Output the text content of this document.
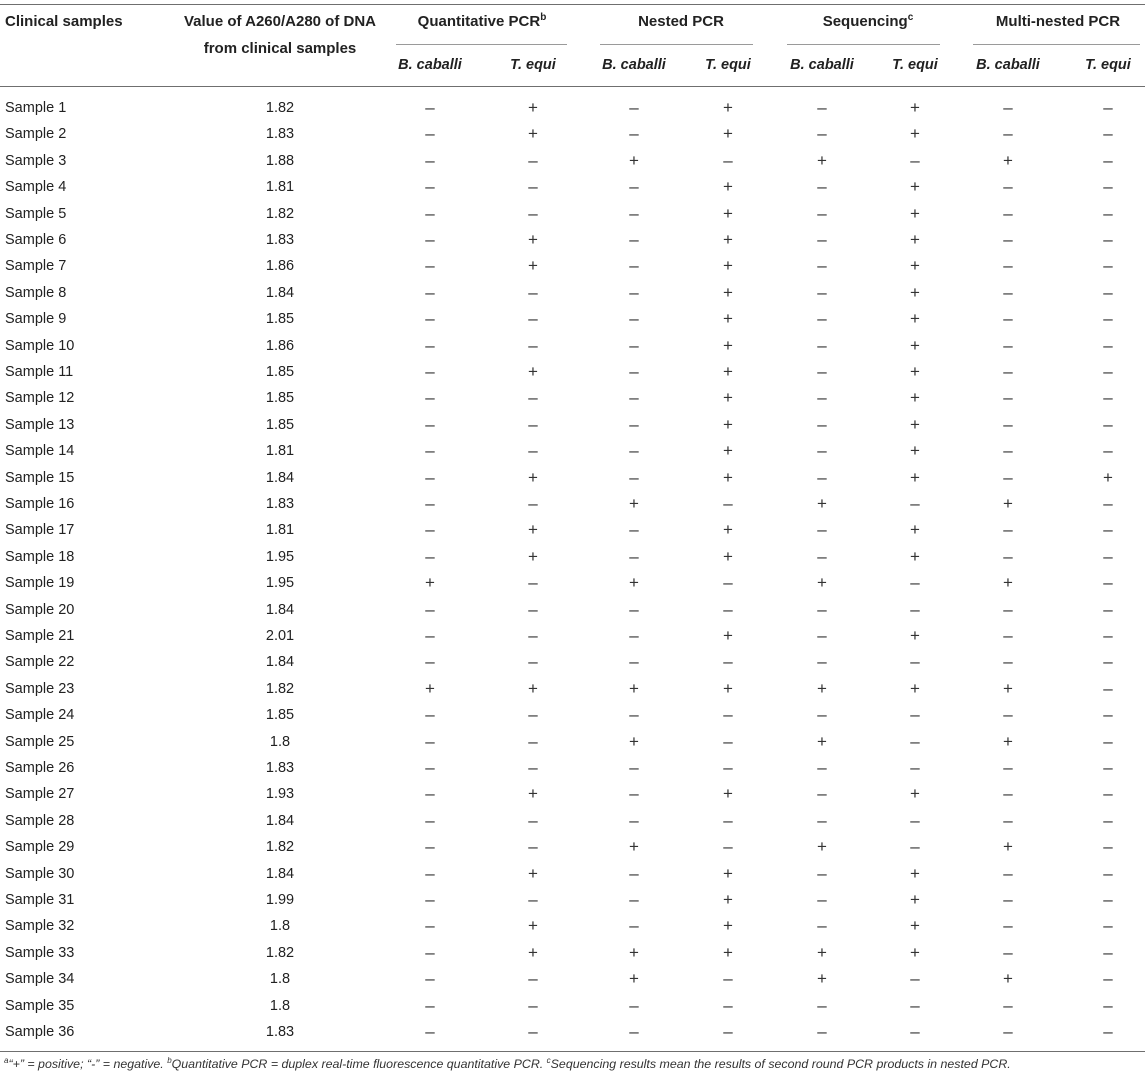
Clinical samples	Value of A260/A280 of DNA
from clinical samples
Quantitative PCR$^b$	Nested PCR	Sequencing$^c$	Multi-nested PCR
B. caballi	T. equi	B. caballi	T. equi	B. caballi	T. equi	B. caballi	T. equi
Sample 1	1.82	–	+	–	+	–	+	–	–
Sample 2	1.83	–	+	–	+	–	+	–	–
Sample 3	1.88	–	–	+	–	+	–	+	–
Sample 4	1.81	–	–	–	+	–	+	–	–
Sample 5	1.82	–	–	–	+	–	+	–	–
Sample 6	1.83	–	+	–	+	–	+	–	–
Sample 7	1.86	–	+	–	+	–	+	–	–
Sample 8	1.84	–	–	–	+	–	+	–	–
Sample 9	1.85	–	–	–	+	–	+	–	–
Sample 10	1.86	–	–	–	+	–	+	–	–
Sample 11	1.85	–	+	–	+	–	+	–	–
Sample 12	1.85	–	–	–	+	–	+	–	–
Sample 13	1.85	–	–	–	+	–	+	–	–
Sample 14	1.81	–	–	–	+	–	+	–	–
Sample 15	1.84	–	+	–	+	–	+	–	+
Sample 16	1.83	–	–	+	–	+	–	+	–
Sample 17	1.81	–	+	–	+	–	+	–	–
Sample 18	1.95	–	+	–	+	–	+	–	–
Sample 19	1.95	+	–	+	–	+	–	+	–
Sample 20	1.84	–	–	–	–	–	–	–	–
Sample 21	2.01	–	–	–	+	–	+	–	–
Sample 22	1.84	–	–	–	–	–	–	–	–
Sample 23	1.82	+	+	+	+	+	+	+	–
Sample 24	1.85	–	–	–	–	–	–	–	–
Sample 25	1.8	–	–	+	–	+	–	+	–
Sample 26	1.83	–	–	–	–	–	–	–	–
Sample 27	1.93	–	+	–	+	–	+	–	–
Sample 28	1.84	–	–	–	–	–	–	–	–
Sample 29	1.82	–	–	+	–	+	–	+	–
Sample 30	1.84	–	+	–	+	–	+	–	–
Sample 31	1.99	–	–	–	+	–	+	–	–
Sample 32	1.8	–	+	–	+	–	+	–	–
Sample 33	1.82	–	+	+	+	+	+	–	–
Sample 34	1.8	–	–	+	–	+	–	+	–
Sample 35	1.8	–	–	–	–	–	–	–	–
Sample 36	1.83	–	–	–	–	–	–	–	–
$^a$“+” = positive; “-” = negative. $^b$Quantitative PCR = duplex real-time fluorescence quantitative PCR. $^c$Sequencing results mean the results of second round PCR products in nested PCR.
